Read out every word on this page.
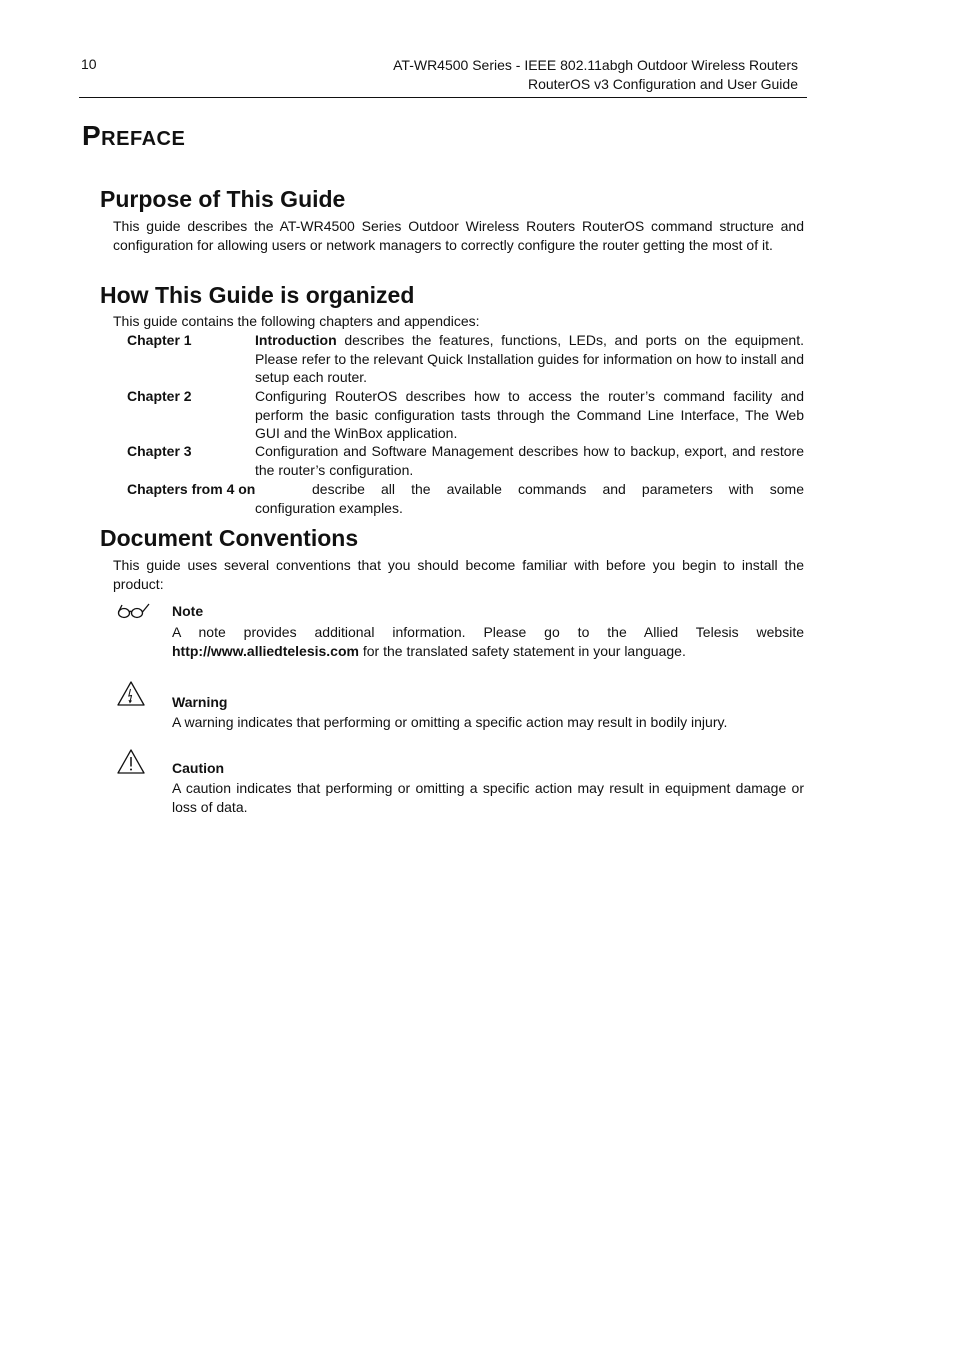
10	AT-WR4500 Series - IEEE 802.11abgh Outdoor Wireless Routers
RouterOS v3 Configuration and User Guide
Preface
Purpose of This Guide

This guide describes the AT-WR4500 Series Outdoor Wireless Routers RouterOS command structure and configuration for allowing users or network managers to correctly configure the router getting the most of it.

How This Guide is organized

This guide contains the following chapters and appendices:

Chapter 1	Introduction describes the features, functions, LEDs, and ports on the equipment. Please refer to the relevant Quick Installation guides for information on how to install and setup each router.
Chapter 2	Configuring RouterOS describes how to access the router’s command facility and perform the basic configuration tasts through the Command Line Interface, The Web GUI and the WinBox application.
Chapter 3	Configuration and Software Management describes how to backup, export, and restore the router’s configuration.
Chapters from 4 on	describe all the available commands and parameters with some
configuration examples.
Document Conventions

This guide uses several conventions that you should become familiar with before you begin to install the product:

Note
A note provides additional information. Please go to the Allied Telesis website http://www.alliedtelesis.com for the translated safety statement in your language.
Warning
A warning indicates that performing or omitting a specific action may result in bodily injury.
Caution
A caution indicates that performing or omitting a specific action may result in equipment damage or loss of data.
